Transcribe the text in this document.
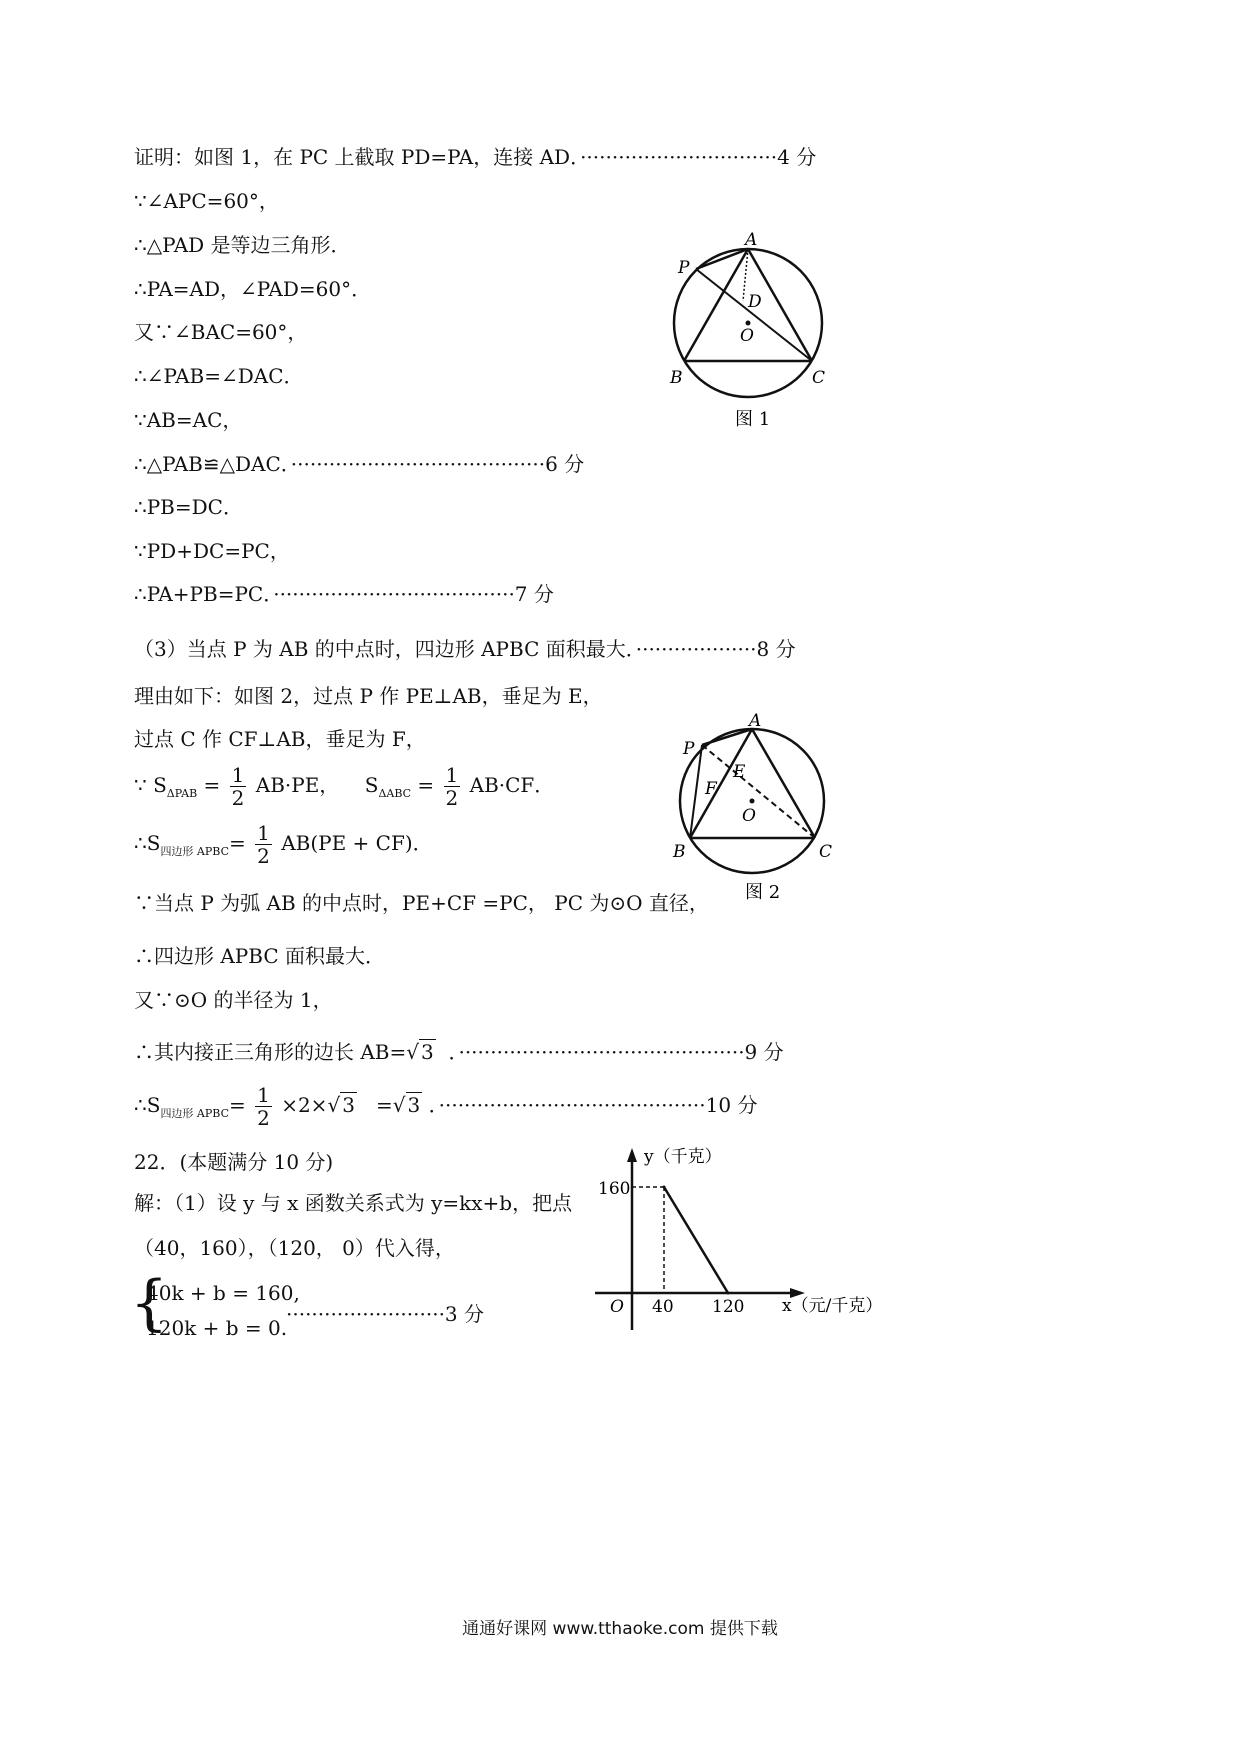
证明：如图 1，在 PC 上截取 PD=PA，连接 AD．·······························4 分
∵∠APC=60°，
∴△PAD 是等边三角形．
∴PA=AD，∠PAD=60°．
又∵∠BAC=60°，
∴∠PAB=∠DAC．
∵AB=AC，
∴△PAB≌△DAC．········································6 分
∴PB=DC．
∵PD+DC=PC，
∴PA+PB=PC．······································7 分
（3）当点 P 为 AB 的中点时，四边形 APBC 面积最大．···················8 分
理由如下：如图 2，过点 P 作 PE⊥AB，垂足为 E，
过点 C 作 CF⊥AB，垂足为 F，
∵ $S_{\Delta PAB} = \frac{1}{2} AB\cdot PE$， $S_{\Delta ABC} = \frac{1}{2} AB\cdot CF$．
$\therefore S_{四边形 APBC}= \frac{1}{2} AB(PE + CF)$．
∵当点 P 为弧 AB 的中点时，PE+CF =PC， PC 为⊙O 直径，
∴四边形 APBC 面积最大．
又∵⊙O 的半径为 1，
∴其内接正三角形的边长 AB=√ 3 ．·············································9 分
$\therefore S_{四边形 APBC}= \frac{1}{2} \times 2\times√$ 3 =√ 3 ．··········································10 分
22．(本题满分 10 分)
解：（1）设 y 与 x 函数关系式为 y=kx+b，把点
（40，160），（120， 0）代入得，
{
40k + b = 160,
120k + b = 0.
·························3 分
A
P
D
O
B	C
图 1
A
P
E
F
O
B	C
图 2
y（千克）
x（元/千克）
O
160
40 120
通通好课网 www.tthaoke.com 提供下载
